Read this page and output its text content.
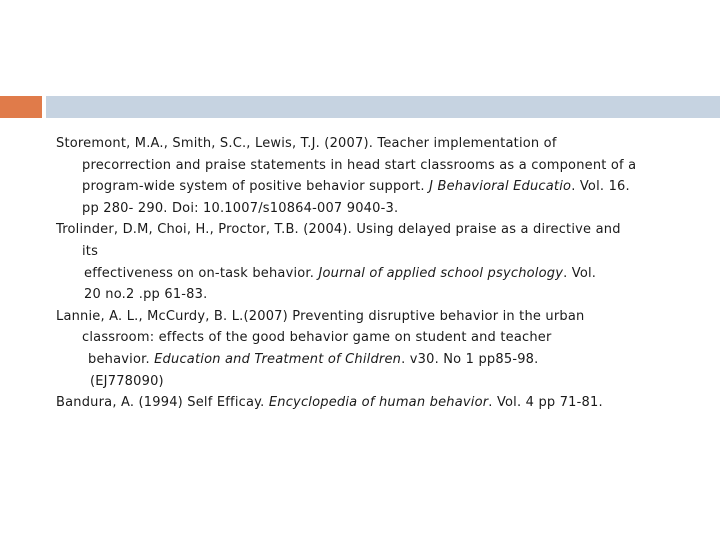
Storemont, M.A., Smith, S.C., Lewis, T.J. (2007). Teacher implementation of
precorrection and praise statements in head start classrooms as a component of a
program-wide system of positive behavior support. J Behavioral Educatio. Vol. 16.
pp 280- 290. Doi: 10.1007/s10864-007 9040-3.
Trolinder, D.M, Choi, H., Proctor, T.B. (2004). Using delayed praise as a directive and
its
effectiveness on on-task behavior. Journal of applied school psychology. Vol.
20 no.2 .pp 61-83.
Lannie, A. L., McCurdy, B. L.(2007) Preventing disruptive behavior in the urban
classroom: effects of the good behavior game on student and teacher
behavior. Education and Treatment of Children. v30. No 1 pp85-98.
(EJ778090)
Bandura, A. (1994) Self Efficay. Encyclopedia of human behavior. Vol. 4 pp 71-81.
